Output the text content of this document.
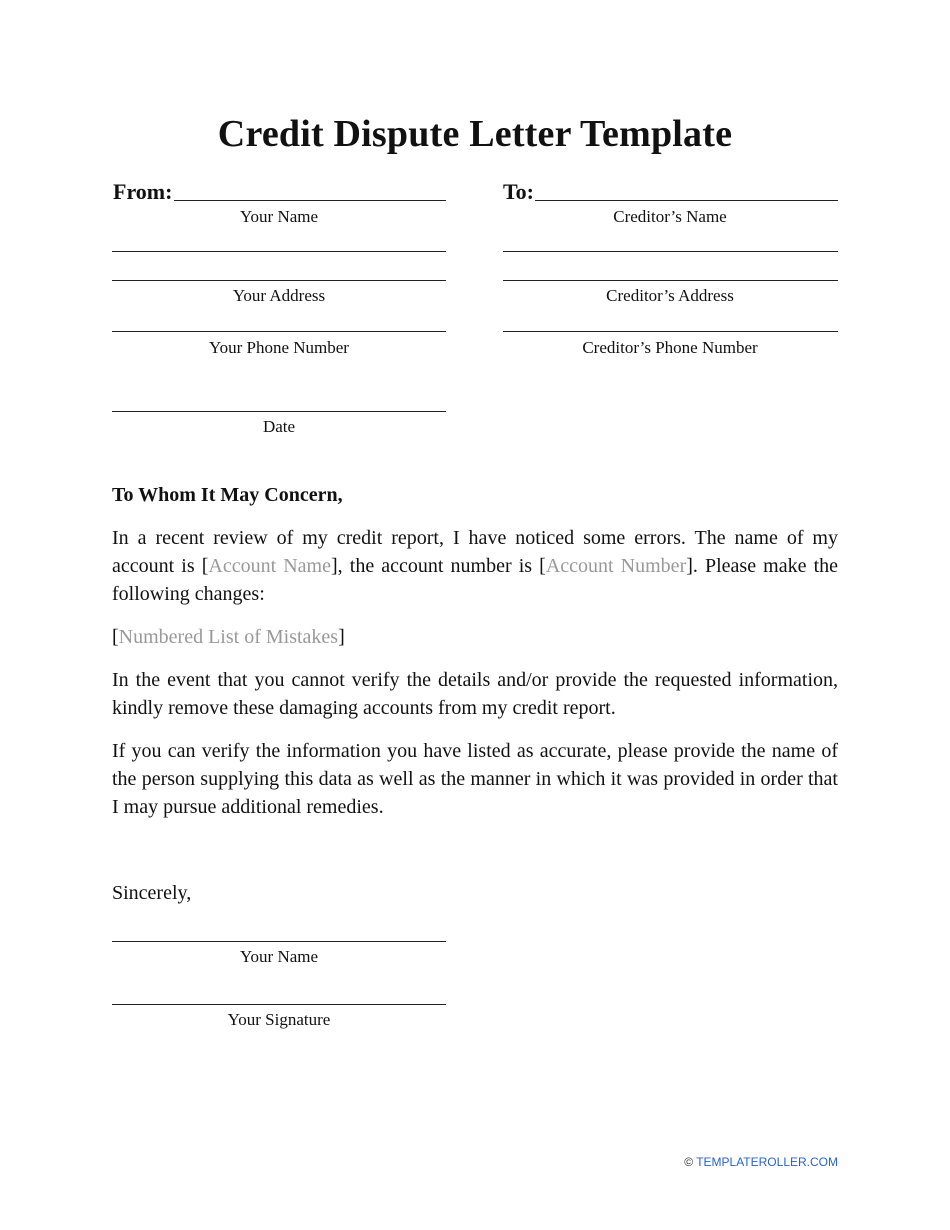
Credit Dispute Letter Template
From:
Your Name
Your Address
Your Phone Number
Date
To:
Creditor’s Name
Creditor’s Address
Creditor’s Phone Number
To Whom It May Concern,
In a recent review of my credit report, I have noticed some errors. The name of my account is [Account Name], the account number is [Account Number]. Please make the following changes:
[Numbered List of Mistakes]
In the event that you cannot verify the details and/or provide the requested information, kindly remove these damaging accounts from my credit report.
If you can verify the information you have listed as accurate, please provide the name of the person supplying this data as well as the manner in which it was provided in order that I may pursue additional remedies.
Sincerely,
Your Name
Your Signature
© TEMPLATEROLLER.COM
